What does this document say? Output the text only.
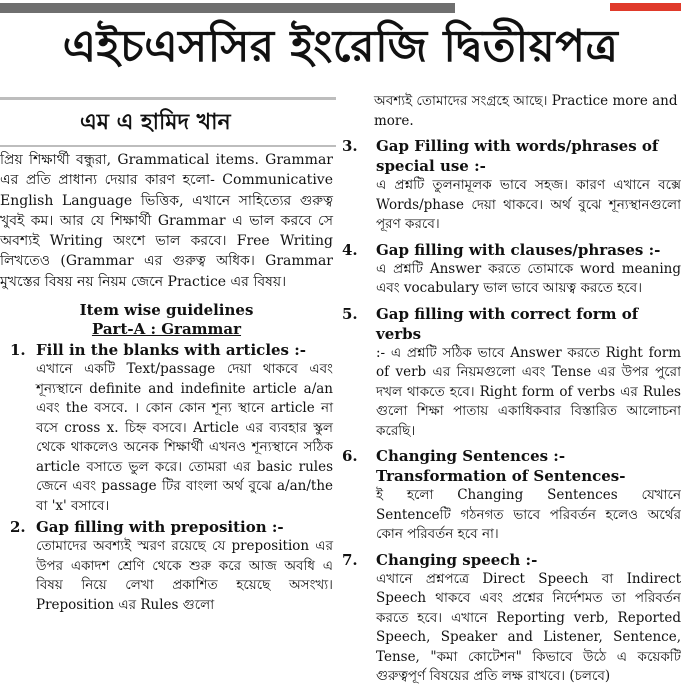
এইচএসসির ইংরেজি দ্বিতীয়পত্র
এম এ হামিদ খান

প্রিয় শিক্ষার্থী বন্ধুরা, Grammatical items. Grammar এর প্রতি প্রাধান্য দেয়ার কারণ হলো- Communicative English Language ভিত্তিক, এখানে সাহিত্যের গুরুত্ব খুবই কম। আর যে শিক্ষার্থী Grammar এ ভাল করবে সে অবশ্যই Writing অংশে ভাল করবে। Free Writing লিখতেও (Grammar এর গুরুত্ব অধিক। Grammar মুখস্তের বিষয় নয় নিয়ম জেনে Practice এর বিষয়।

Item wise guidelines

Part-A : Grammar

1. Fill in the blanks with articles :-
এখানে একটি Text/passage দেয়া থাকবে এবং শূন্যস্থানে definite and indefinite article a/an এবং the বসবে. । কোন কোন শূন্য স্থানে article না বসে cross x. চিহ্ন বসবে। Article এর ব্যবহার স্কুল থেকে থাকলেও অনেক শিক্ষার্থী এখনও শূন্যস্থানে সঠিক article বসাতে ভুল করে। তোমরা এর basic rules জেনে এবং passage টির বাংলা অর্থ বুঝে a/an/the বা 'x' বসাবে।
2. Gap filling with preposition :-
তোমাদের অবশ্যই স্মরণ রয়েছে যে preposition এর উপর একাদশ শ্রেণি থেকে শুরু করে আজ অবধি এ বিষয় নিয়ে লেখা প্রকাশিত হয়েছে অসংখ্য। Preposition এর Rules গুলো

অবশ্যই তোমাদের সংগ্রহে আছে। Practice more and more.

3. Gap Filling with words/phrases of special use :-
এ প্রশ্নটি তুলনামূলক ভাবে সহজ। কারণ এখানে বক্সে Words/phase দেয়া থাকবে। অর্থ বুঝে শূন্যস্থানগুলো পূরণ করবে।
4. Gap filling with clauses/phrases :-
এ প্রশ্নটি Answer করতে তোমাকে word meaning এবং vocabulary ভাল ভাবে আয়ত্ব করতে হবে।
5. Gap filling with correct form of verbs
:- এ প্রশ্নটি সঠিক ভাবে Answer করতে Right form of verb এর নিয়মগুলো এবং Tense এর উপর পুরো দখল থাকতে হবে। Right form of verbs এর Rules গুলো শিক্ষা পাতায় একাধিকবার বিস্তারিত আলোচনা করেছি।
6. Changing Sentences :- Transformation of Sentences-
ই হলো Changing Sentences যেখানে Sentenceটি গঠনগত ভাবে পরিবর্তন হলেও অর্থের কোন পরিবর্তন হবে না।
7. Changing speech :-
এখানে প্রশ্নপত্রে Direct Speech বা Indirect Speech থাকবে এবং প্রশ্নের নির্দেশমত তা পরিবর্তন করতে হবে। এখানে Reporting verb, Reported Speech, Speaker and Listener, Sentence, Tense, "কমা কোটেশন" কিভাবে উঠে এ কয়েকটি গুরুত্বপূর্ণ বিষয়ের প্রতি লক্ষ রাখবে। (চলবে)
